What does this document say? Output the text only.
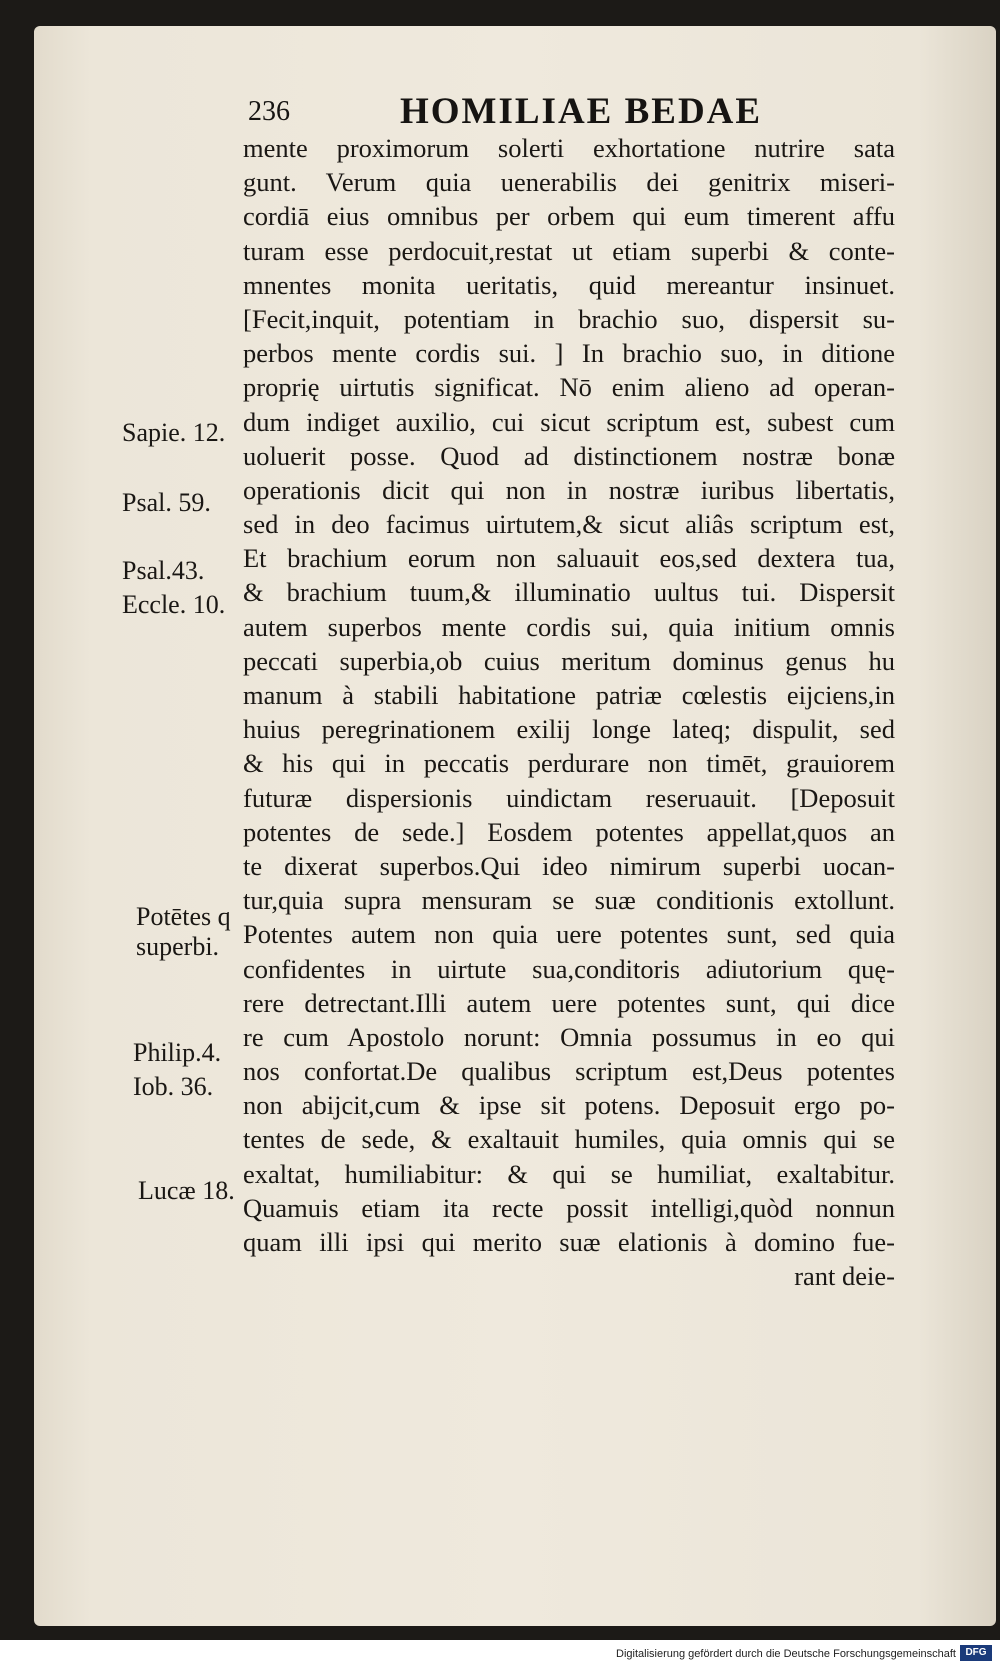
236	HOMILIAE BEDAE
mente proximorum solerti exhortatione nutrire sata
gunt. Verum quia uenerabilis dei genitrix miseri-
cordiā eius omnibus per orbem qui eum timerent affu
turam esse perdocuit,restat ut etiam superbi & conte-
mnentes monita ueritatis, quid mereantur insinuet.
[Fecit,inquit, potentiam in brachio suo, dispersit su-
perbos mente cordis sui. ] In brachio suo, in ditione
proprię uirtutis significat. Nō enim alieno ad operan-
dum indiget auxilio, cui sicut scriptum est, subest cum
uoluerit posse. Quod ad distinctionem nostræ bonæ
operationis dicit qui non in nostræ iuribus libertatis,
sed in deo facimus uirtutem,& sicut aliâs scriptum est,
Et brachium eorum non saluauit eos,sed dextera tua,
& brachium tuum,& illuminatio uultus tui. Dispersit
autem superbos mente cordis sui, quia initium omnis
peccati superbia,ob cuius meritum dominus genus hu
manum à stabili habitatione patriæ cœlestis eijciens,in
huius peregrinationem exilij longe lateq; dispulit, sed
& his qui in peccatis perdurare non timēt, grauiorem
futuræ dispersionis uindictam reseruauit. [Deposuit
potentes de sede.] Eosdem potentes appellat,quos an
te dixerat superbos.Qui ideo nimirum superbi uocan-
tur,quia supra mensuram se suæ conditionis extollunt.
Potentes autem non quia uere potentes sunt, sed quia
confidentes in uirtute sua,conditoris adiutorium quę-
rere detrectant.Illi autem uere potentes sunt, qui dice
re cum Apostolo norunt: Omnia possumus in eo qui
nos confortat.De qualibus scriptum est,Deus potentes
non abijcit,cum & ipse sit potens. Deposuit ergo po-
tentes de sede, & exaltauit humiles, quia omnis qui se
exaltat, humiliabitur: & qui se humiliat, exaltabitur.
Quamuis etiam ita recte possit intelligi,quòd nonnun
quam illi ipsi qui merito suæ elationis à domino fue-
rant deie-
Sapie. 12.
Psal. 59.
Psal.43.
Eccle. 10.
Potētes q
superbi.
Philip.4.
Iob. 36.
Lucæ 18.
Digitalisierung gefördert durch die Deutsche Forschungsgemeinschaft DFG
